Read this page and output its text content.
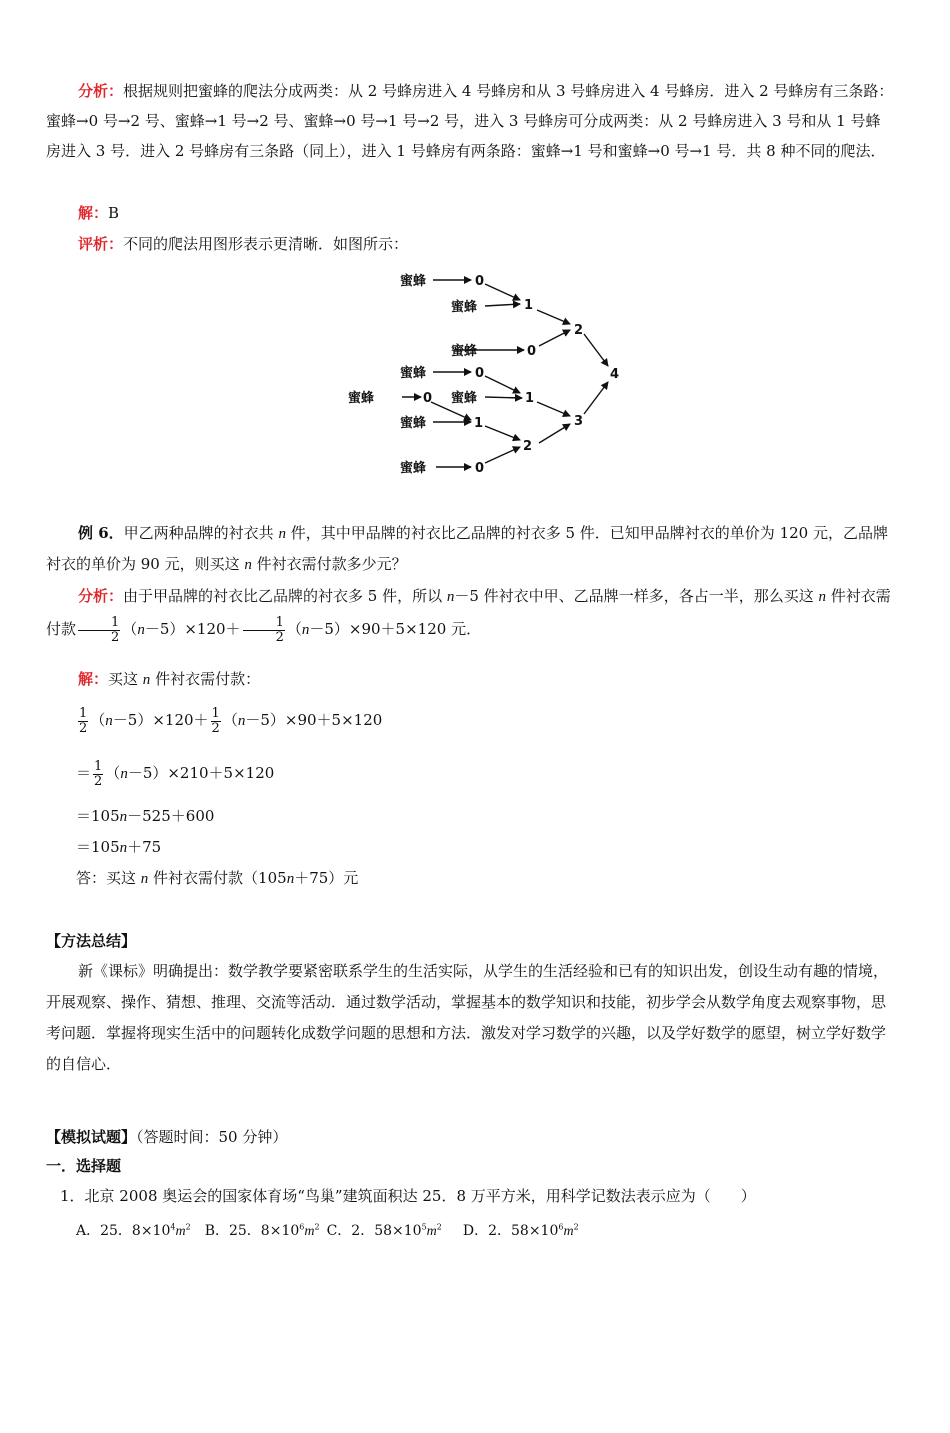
分析：根据规则把蜜蜂的爬法分成两类：从 2 号蜂房进入 4 号蜂房和从 3 号蜂房进入 4 号蜂房．进入 2 号蜂房有三条路：蜜蜂→0 号→2 号、蜜蜂→1 号→2 号、蜜蜂→0 号→1 号→2 号，进入 3 号蜂房可分成两类：从 2 号蜂房进入 3 号和从 1 号蜂房进入 3 号．进入 2 号蜂房有三条路（同上），进入 1 号蜂房有两条路：蜜蜂→1 号和蜜蜂→0 号→1 号．共 8 种不同的爬法．

解：B

评析：不同的爬法用图形表示更清晰．如图所示：

蜜蜂	0
蜜蜂	1
2
蜜蜂	0
蜜蜂	0	4
蜜蜂	0 蜜蜂	1
蜜蜂	1	3
2
蜜蜂	0

例 6．甲乙两种品牌的衬衣共 n 件，其中甲品牌的衬衣比乙品牌的衬衣多 5 件．已知甲品牌衬衣的单价为 120 元，乙品牌衬衣的单价为 90 元，则买这 n 件衬衣需付款多少元？

分析：由于甲品牌的衬衣比乙品牌的衬衣多 5 件，所以 n－5 件衬衣中甲、乙品牌一样多，各占一半，那么买这 n 件衬衣需付款 $\frac{1}{2} (n-5)\times 120+ \frac{1}{2} (n-5)\times 90+5\times 120$ 元．

解：买这 n 件衬衣需付款：

$\frac{1}{2} (n-5)\times 120+ \frac{1}{2} (n-5)\times 90+5\times 120$
＝ $\frac{1}{2} (n-5)\times 210+5\times 120$
＝105n－525＋600
＝105n＋75
答：买这 n 件衬衣需付款（105n＋75）元

【方法总结】

新《课标》明确提出：数学教学要紧密联系学生的生活实际，从学生的生活经验和已有的知识出发，创设生动有趣的情境，开展观察、操作、猜想、推理、交流等活动．通过数学活动，掌握基本的数学知识和技能，初步学会从数学角度去观察事物，思考问题．掌握将现实生活中的问题转化成数学问题的思想和方法．激发对学习数学的兴趣，以及学好数学的愿望，树立学好数学的自信心．

【模拟试题】（答题时间：50 分钟）

一．选择题

1．北京 2008 奥运会的国家体育场“鸟巢”建筑面积达 25．8 万平方米，用科学记数法表示应为（　　）

A．25．$8\times 10^4m^2$  B．25．$8\times 10^6m^2$  C．2．$58\times 10^5m^2$   D．2．$58\times 10^6m^2$
